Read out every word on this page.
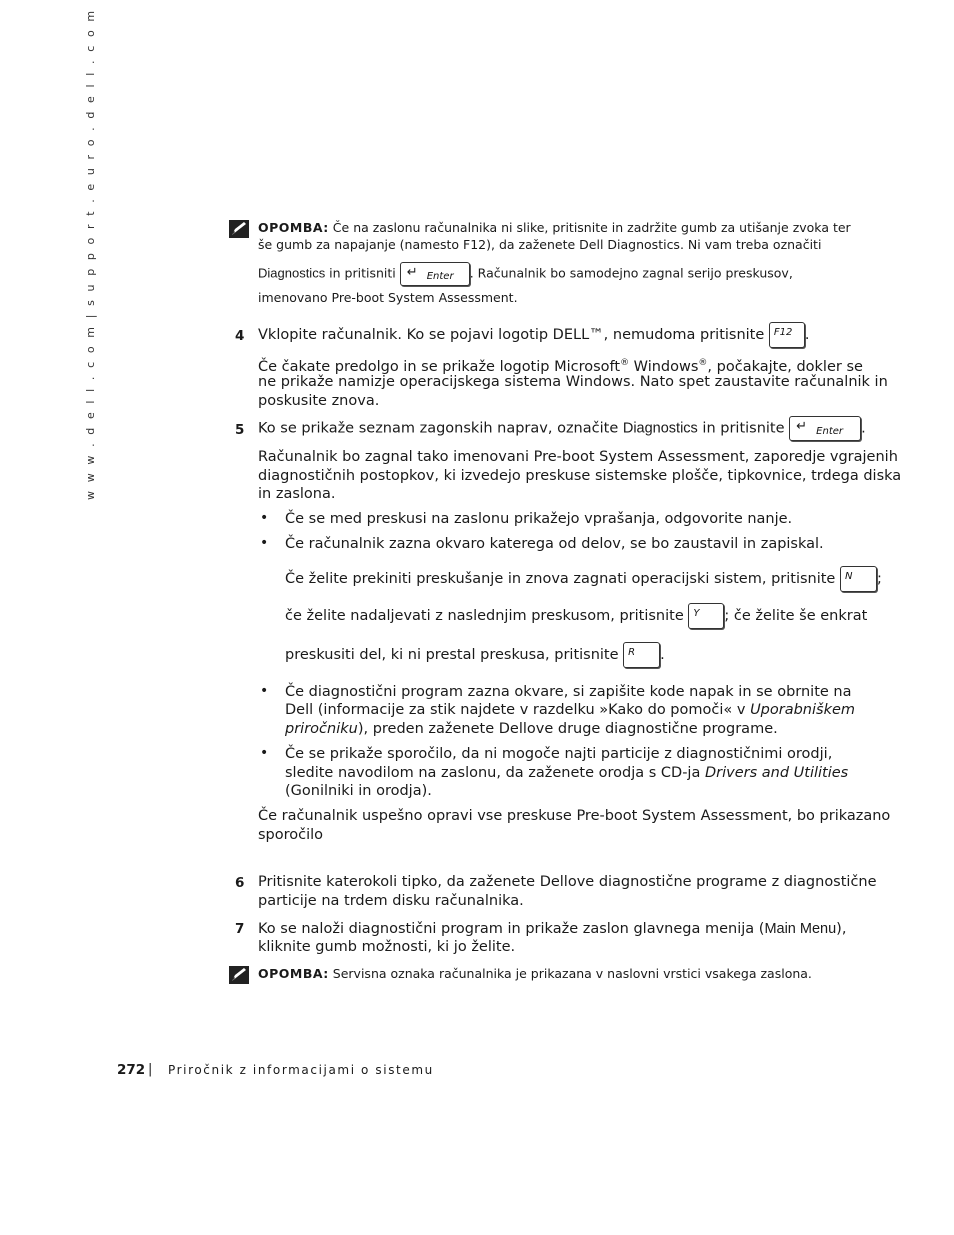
w w w . d e l l . c o m | s u p p o r t . e u r o . d e l l . c o m	OPOMBA: Če na zaslonu računalnika ni slike, pritisnite in zadržite gumb za utišanje zvoka ter
še gumb za napajanje (namesto F12), da zaženete Dell Diagnostics. Ni vam treba označiti
Diagnostics in pritisniti ↵ Enter . Računalnik bo samodejno zagnal serijo preskusov,
imenovano Pre-boot System Assessment.
4 Vklopite računalnik. Ko se pojavi logotip DELL™, nemudoma pritisnite F12 .
Če čakate predolgo in se prikaže logotip Microsoft® Windows®, počakajte, dokler se
ne prikaže namizje operacijskega sistema Windows. Nato spet zaustavite računalnik in
poskusite znova.
5 Ko se prikaže seznam zagonskih naprav, označite Diagnostics in pritisnite ↵ Enter .
Računalnik bo zagnal tako imenovani Pre-boot System Assessment, zaporedje vgrajenih
diagnostičnih postopkov, ki izvedejo preskuse sistemske plošče, tipkovnice, trdega diska
in zaslona.
• Če se med preskusi na zaslonu prikažejo vprašanja, odgovorite nanje.
• Če računalnik zazna okvaro katerega od delov, se bo zaustavil in zapiskal.
Če želite prekiniti preskušanje in znova zagnati operacijski sistem, pritisnite N ;
če želite nadaljevati z naslednjim preskusom, pritisnite Y ; če želite še enkrat
preskusiti del, ki ni prestal preskusa, pritisnite R .
• Če diagnostični program zazna okvare, si zapišite kode napak in se obrnite na
Dell (informacije za stik najdete v razdelku »Kako do pomoči« v Uporabniškem
priročniku), preden zaženete Dellove druge diagnostične programe.
• Če se prikaže sporočilo, da ni mogoče najti particije z diagnostičnimi orodji,
sledite navodilom na zaslonu, da zaženete orodja s CD-ja Drivers and Utilities
(Gonilniki in orodja).
Če računalnik uspešno opravi vse preskuse Pre-boot System Assessment, bo prikazano
sporočilo
6 Pritisnite katerokoli tipko, da zaženete Dellove diagnostične programe z diagnostične
particije na trdem disku računalnika.
7 Ko se naloži diagnostični program in prikaže zaslon glavnega menija (Main Menu),
kliknite gumb možnosti, ki jo želite.
OPOMBA: Servisna oznaka računalnika je prikazana v naslovni vrstici vsakega zaslona.
272 | Priročnik z informacijami o sistemu
